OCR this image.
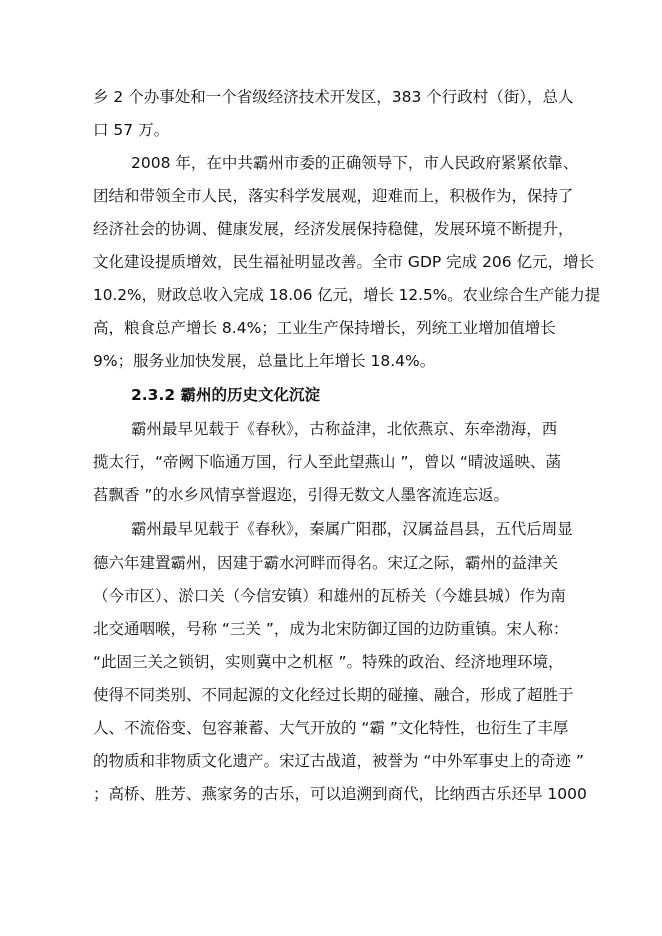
乡 2 个办事处和一个省级经济技术开发区，383 个行政村（街），总人

口 57 万。

2008 年，在中共霸州市委的正确领导下，市人民政府紧紧依靠、

团结和带领全市人民，落实科学发展观，迎难而上，积极作为，保持了

经济社会的协调、健康发展，经济发展保持稳健，发展环境不断提升，

文化建设提质增效，民生福祉明显改善。全市 GDP 完成 206 亿元，增长

10.2%，财政总收入完成 18.06 亿元，增长 12.5%。农业综合生产能力提

高，粮食总产增长 8.4%；工业生产保持增长，列统工业增加值增长

9%；服务业加快发展，总量比上年增长 18.4%。

2.3.2 霸州的历史文化沉淀

霸州最早见载于《春秋》，古称益津，北依燕京、东牵渤海，西

揽太行，“帝阙下临通万国，行人至此望燕山 ”，曾以 “晴波遥映、菡

萏飘香 ”的水乡风情享誉遐迩，引得无数文人墨客流连忘返。

霸州最早见载于《春秋》，秦属广阳郡，汉属益昌县，五代后周显

德六年建置霸州，因建于霸水河畔而得名。宋辽之际，霸州的益津关

（今市区）、淤口关（今信安镇）和雄州的瓦桥关（今雄县城）作为南

北交通咽喉，号称 “三关 ”，成为北宋防御辽国的边防重镇。宋人称：

“此固三关之锁钥，实则冀中之机枢 ”。特殊的政治、经济地理环境，

使得不同类别、不同起源的文化经过长期的碰撞、融合，形成了超胜于

人、不流俗变、包容兼蓄、大气开放的 “霸 ”文化特性，也衍生了丰厚

的物质和非物质文化遗产。宋辽古战道，被誉为 “中外军事史上的奇迹 ”

；高桥、胜芳、燕家务的古乐，可以追溯到商代，比纳西古乐还早 1000
